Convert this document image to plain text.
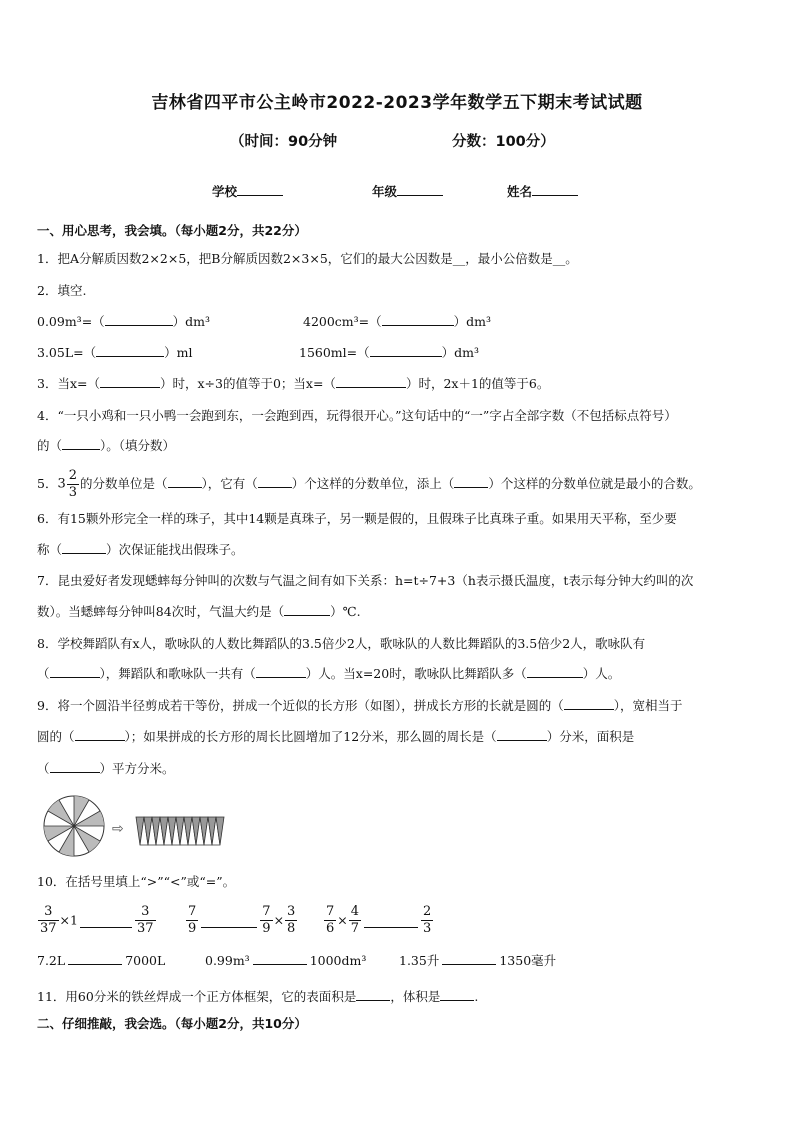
吉林省四平市公主岭市2022-2023学年数学五下期末考试试题
（时间：90分钟	分数：100分）
学校	年级	姓名
一、用心思考，我会填。（每小题2分，共22分）
1．把A分解质因数2×2×5，把B分解质因数2×3×5，它们的最大公因数是__，最小公倍数是__。
2．填空.
0.09m³=（	）dm³	4200cm³=（	）dm³
3.05L=（	）ml	1560ml=（	）dm³
3．当x=（	）时，x÷3的值等于0；当x=（	）时，2x＋1的值等于6。
4．“一只小鸡和一只小鸭一会跑到东，一会跑到西，玩得很开心。”这句话中的“一”字占全部字数（不包括标点符号）
的（	）。（填分数）
5．$3 \frac{2}{3}$ 的分数单位是（	），它有（	）个这样的分数单位，添上（	）个这样的分数单位就是最小的合数。
6．有15颗外形完全一样的珠子，其中14颗是真珠子，另一颗是假的，且假珠子比真珠子重。如果用天平称，至少要
称（	）次保证能找出假珠子。
7．昆虫爱好者发现蟋蟀每分钟叫的次数与气温之间有如下关系：h=t÷7+3（h表示摄氏温度，t表示每分钟大约叫的次
数）。当蟋蟀每分钟叫84次时，气温大约是（	）℃.
8．学校舞蹈队有x人，歌咏队的人数比舞蹈队的3.5倍少2人，歌咏队的人数比舞蹈队的3.5倍少2人，歌咏队有
（	），舞蹈队和歌咏队一共有（	）人。当x=20时，歌咏队比舞蹈队多（	）人。
9．将一个圆沿半径剪成若干等份，拼成一个近似的长方形（如图），拼成长方形的长就是圆的（	），宽相当于
圆的（	）；如果拼成的长方形的周长比圆增加了12分米，那么圆的周长是（	）分米，面积是
（	）平方分米。
⇨
10．在括号里填上“>”“<”或“=”。
$\frac{3}{37} \times 1$	$\frac{3}{37} \frac{7}{9}$	$\frac{7}{9} \times \frac{3}{8} \frac{7}{6} \times \frac{4}{7}$	$\frac{2}{3}$
7.2L	7000L	0.99m³	1000dm³	1.35升	1350毫升
11．用60分米的铁丝焊成一个正方体框架，它的表面积是	，体积是	.
二、仔细推敲，我会选。（每小题2分，共10分）
